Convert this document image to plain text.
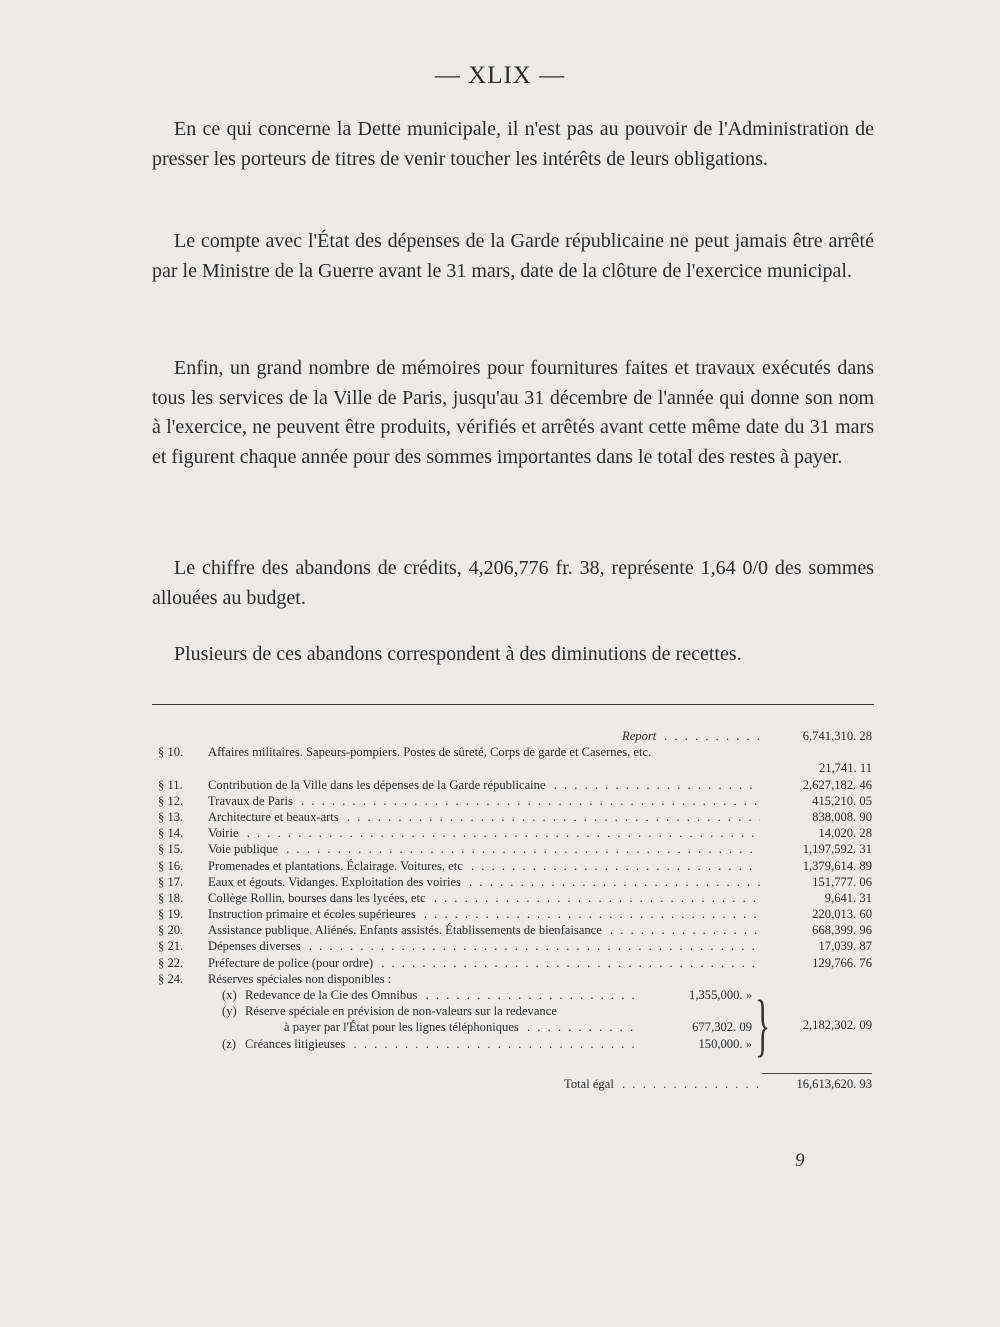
— XLIX —

En ce qui concerne la Dette municipale, il n'est pas au pouvoir de l'Administration de presser les porteurs de titres de venir toucher les intérêts de leurs obligations.

Le compte avec l'État des dépenses de la Garde républicaine ne peut jamais être arrêté par le Ministre de la Guerre avant le 31 mars, date de la clôture de l'exercice municipal.

Enfin, un grand nombre de mémoires pour fournitures faites et travaux exécutés dans tous les services de la Ville de Paris, jusqu'au 31 décembre de l'année qui donne son nom à l'exercice, ne peuvent être produits, vérifiés et arrêtés avant cette même date du 31 mars et figurent chaque année pour des sommes importantes dans le total des restes à payer.

Le chiffre des abandons de crédits, 4,206,776 fr. 38, représente 1,64 0/0 des sommes allouées au budget.

Plusieurs de ces abandons correspondent à des diminutions de recettes.

Report . . .	6,741,310. 28
§ 10.	Affaires militaires. Sapeurs-pompiers. Postes de sûreté, Corps de garde et Casernes, etc.
21,741. 11
§ 11.	Contribution de la Ville dans les dépenses de la Garde républicaine . . .	2,627,182. 46
§ 12.	Travaux de Paris . . .	415,210. 05
§ 13.	Architecture et beaux-arts . . .	838,008. 90
§ 14.	Voirie . . .	14,020. 28
§ 15.	Voie publique . . .	1,197,592. 31
§ 16.	Promenades et plantations. Éclairage. Voitures, etc . . .	1,379,614. 89
§ 17.	Eaux et égouts. Vidanges. Exploitation des voiries . . .	151,777. 06
§ 18.	Collège Rollin, bourses dans les lycées, etc . . .	9,641. 31
§ 19.	Instruction primaire et écoles supérieures . . .	220,013. 60
§ 20.	Assistance publique. Aliénés. Enfants assistés. Établissements de bienfaisance . . .	668,399. 96
§ 21.	Dépenses diverses . . .	17,039. 87
§ 22.	Préfecture de police (pour ordre) . . .	129,766. 76
§ 24.	Réserves spéciales non disponibles :
(x) Redevance de la Cie des Omnibus . . .	1,355,000. »
(y) Réserve spéciale en prévision de non-valeurs sur la redevance
à payer par l'État pour les lignes téléphoniques . . .	677,302. 09
(z) Créances litigieuses . . .	150,000. » }	2,182,302. 09
Total égal . . .	16,613,620. 93
9
